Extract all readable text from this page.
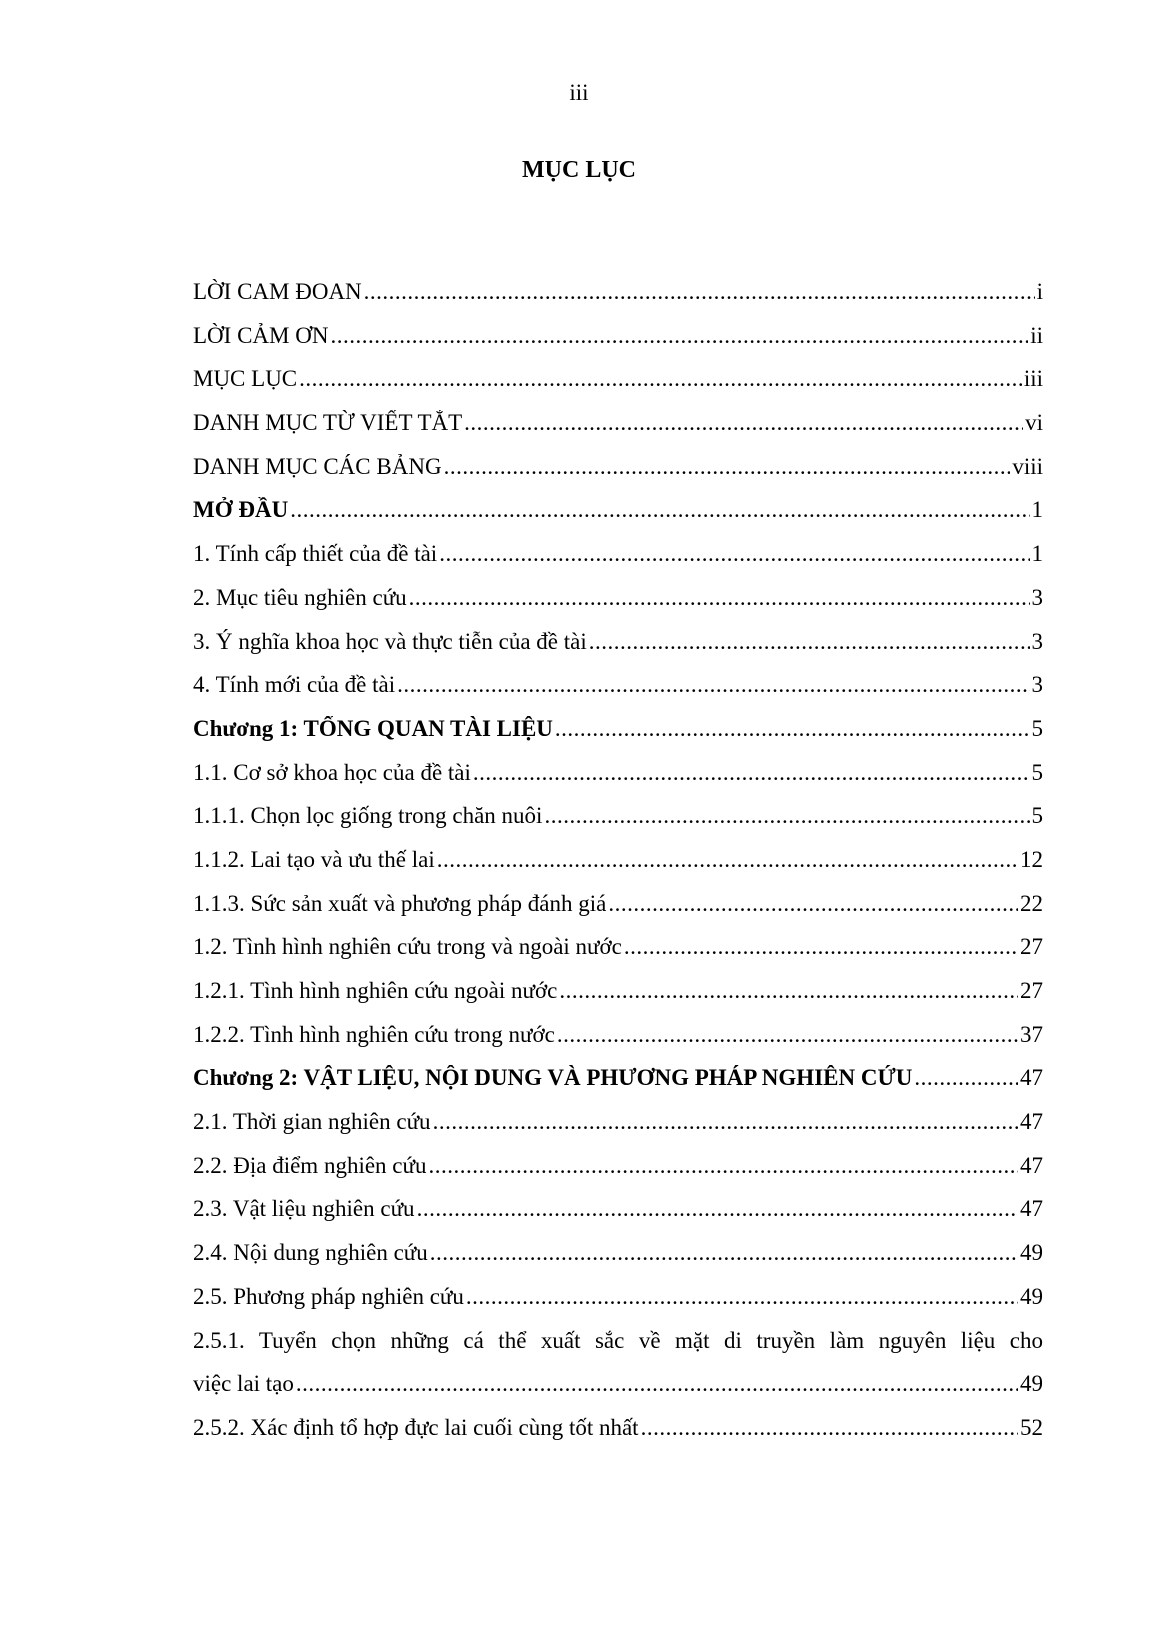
iii
MỤC LỤC
LỜI CAM ĐOAN .....	i
LỜI CẢM ƠN .....	ii
MỤC LỤC .....	iii
DANH MỤC TỪ VIẾT TẮT .....	vi
DANH MỤC CÁC BẢNG .....	viii
MỞ ĐẦU .....	1
1. Tính cấp thiết của đề tài .....	1
2. Mục tiêu nghiên cứu .....	3
3. Ý nghĩa khoa học và thực tiễn của đề tài .....	3
4. Tính mới của đề tài .....	3
Chương 1: TỔNG QUAN TÀI LIỆU .....	5
1.1. Cơ sở khoa học của đề tài .....	5
1.1.1. Chọn lọc giống trong chăn nuôi .....	5
1.1.2. Lai tạo và ưu thế lai .....	12
1.1.3. Sức sản xuất và phương pháp đánh giá .....	22
1.2. Tình hình nghiên cứu trong và ngoài nước .....	27
1.2.1. Tình hình nghiên cứu ngoài nước .....	27
1.2.2. Tình hình nghiên cứu trong nước .....	37
Chương 2: VẬT LIỆU, NỘI DUNG VÀ PHƯƠNG PHÁP NGHIÊN CỨU .....	47
2.1. Thời gian nghiên cứu .....	47
2.2. Địa điểm nghiên cứu .....	47
2.3. Vật liệu nghiên cứu .....	47
2.4. Nội dung nghiên cứu .....	49
2.5. Phương pháp nghiên cứu .....	49
2.5.1. Tuyển chọn những cá thể xuất sắc về mặt di truyền làm nguyên liệu cho
việc lai tạo .....	49
2.5.2. Xác định tổ hợp đực lai cuối cùng tốt nhất .....	52
